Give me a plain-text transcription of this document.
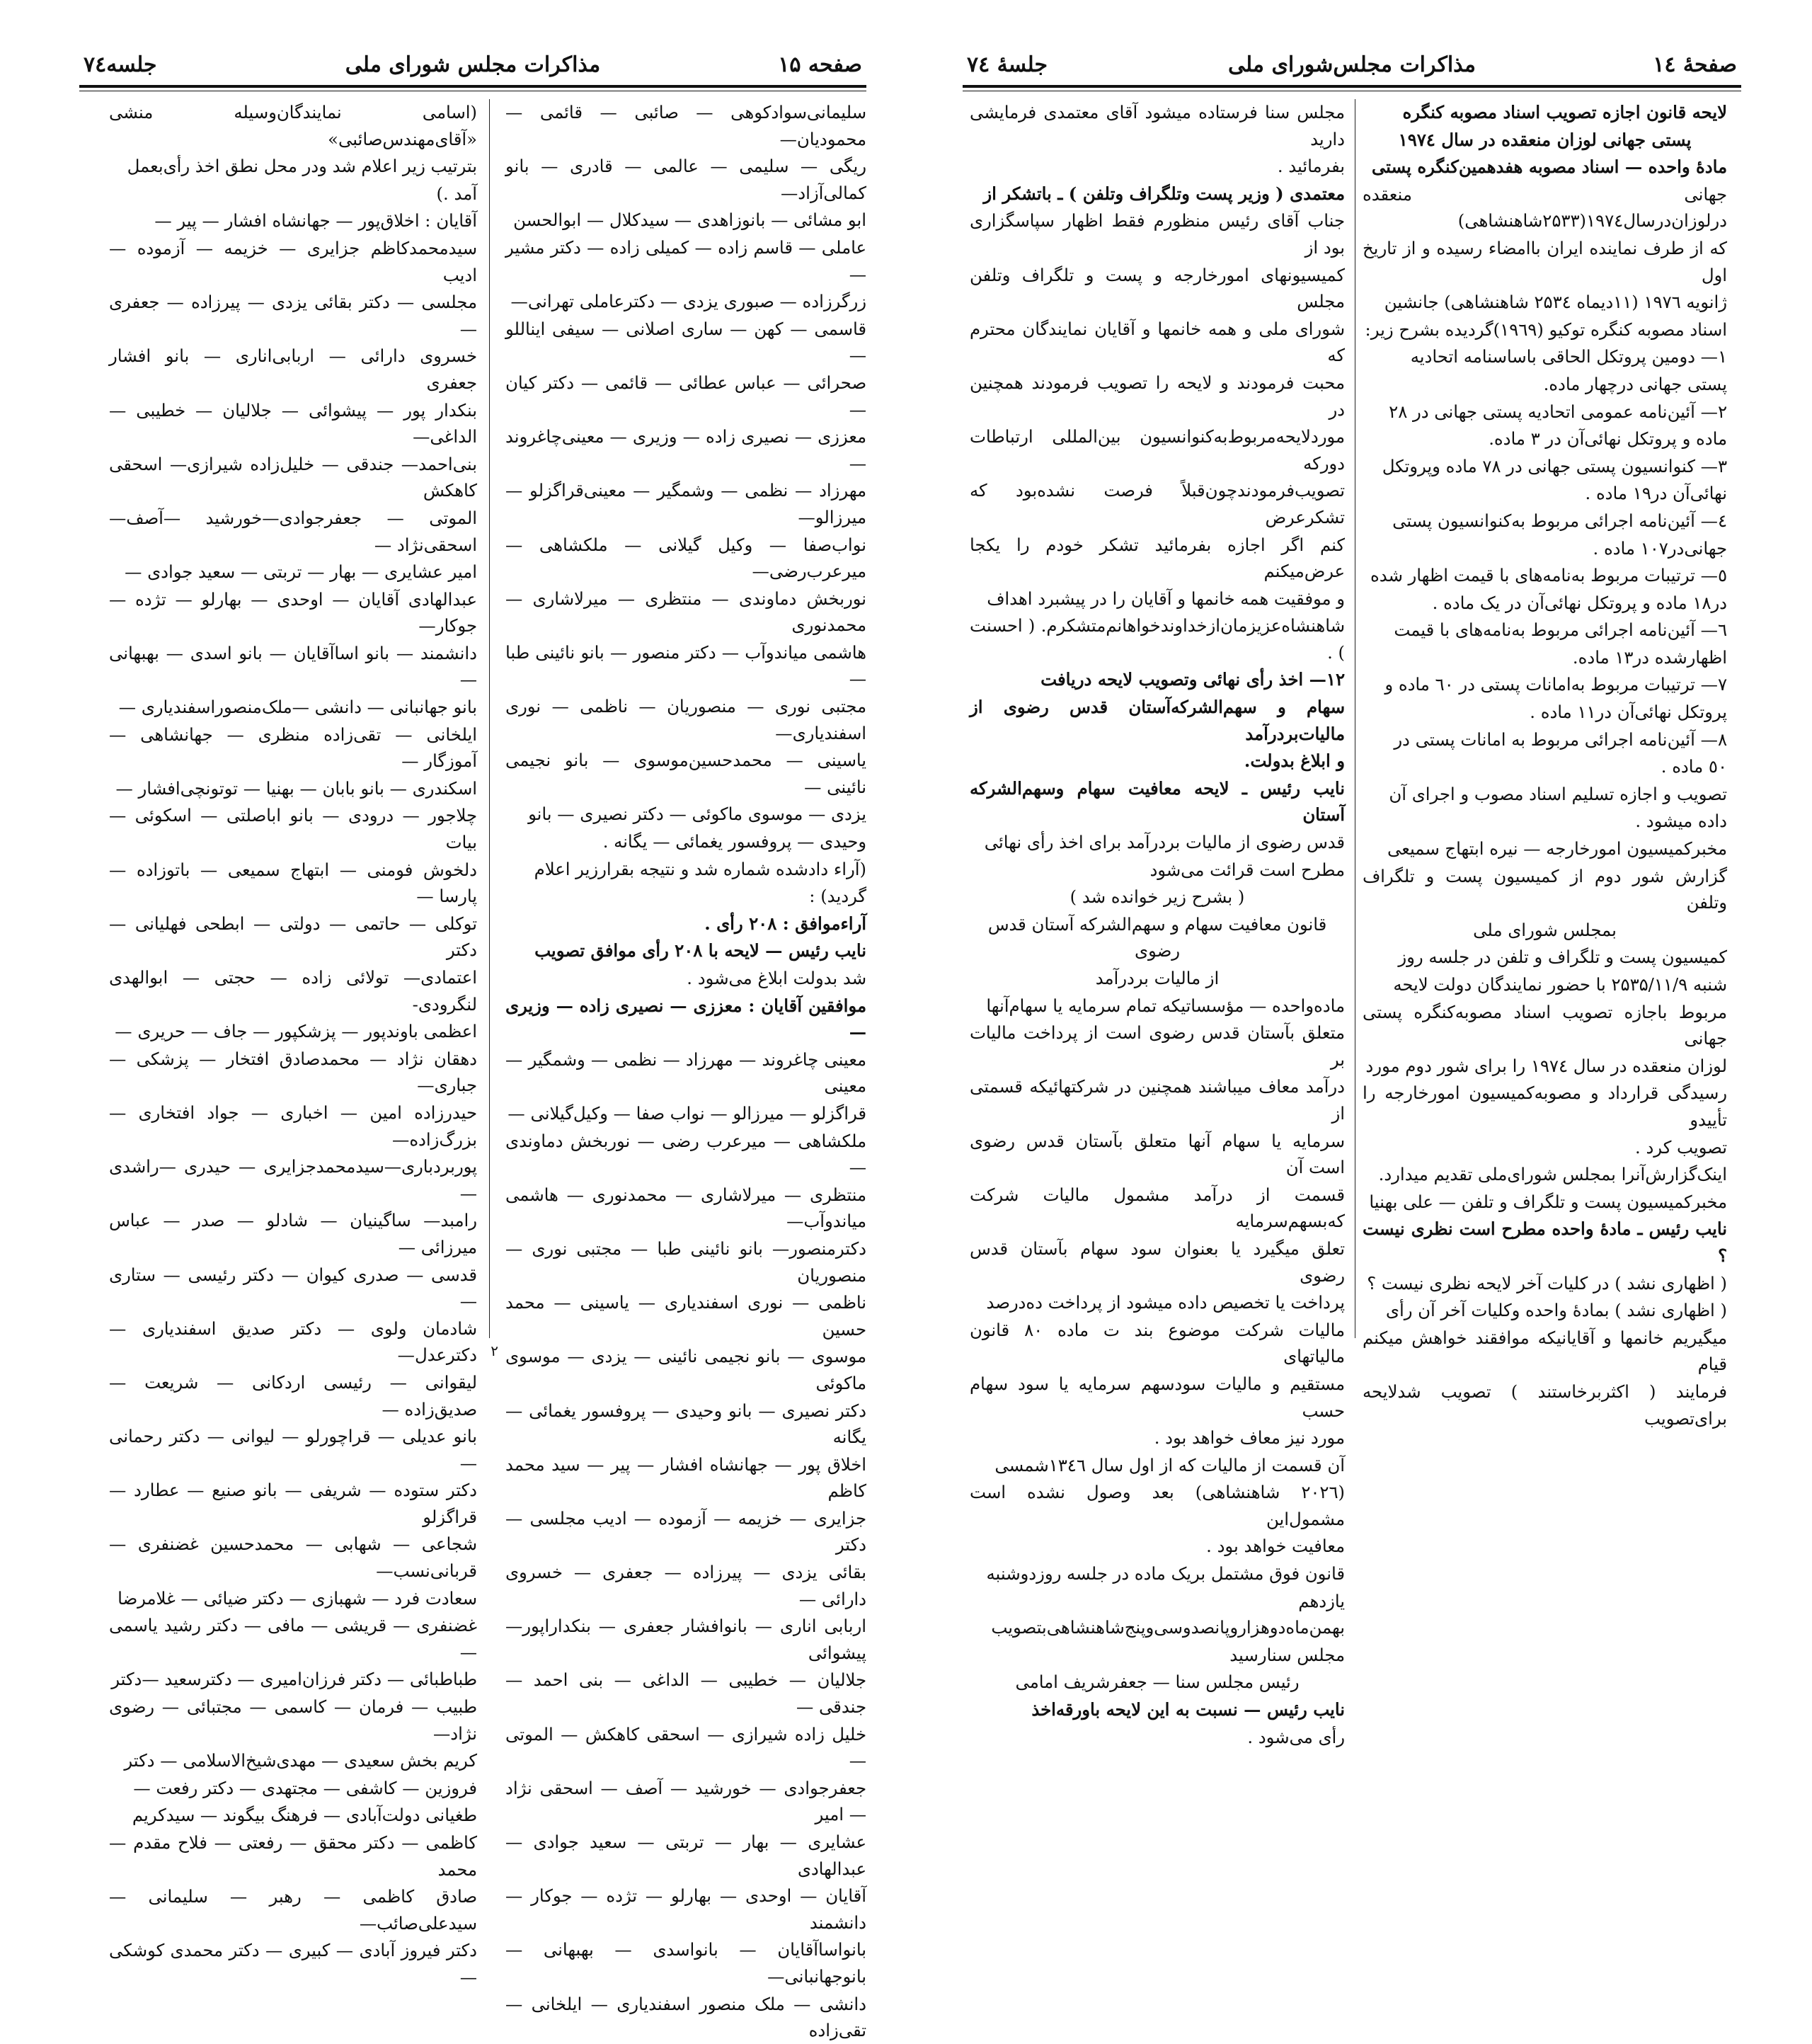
صفحه ۱۵
مذاکرات مجلس شورای ملی
جلسه۷٤

سلیمانی‌سوادکوهی — صائبی — قائمی — محمودیان—

ریگی — سلیمی — عالمی — قادری — بانو کمالی‌آزاد—

ابو مشائی — بانوزاهدی — سید‌کلال — ابوالحسن

عاملی — قاسم زاده — کمیلی زاده — دکتر مشیر —

زرگرزاده — صبوری یزدی — دکترعاملی تهرانی—

قاسمی — کهن — ساری اصلانی — سیفی ایناللو —

صحرائی — عباس عطائی — قائمی — دکتر کیان —

معززی — نصیری زاده — وزیری — معینی‌چاغروند —

مهرزاد — نظمی — وشمگیر — معینی‌قراگزلو —میرزالو—

نواب‌صفا — وکیل گیلانی — ملکشاهی — میرعرب‌رضی—

نوربخش دماوندی — منتظری — میرلاشاری —محمدنوری

هاشمی میاندوآب — دکتر منصور — بانو نائینی طبا —

مجتبی نوری — منصوریان — ناظمی — نوری اسفندیاری—

یاسینی — محمدحسین‌موسوی — بانو نجیمی نائینی —

یزدی — موسوی ماکوئی — دکتر نصیری — بانو

وحیدی — پروفسور یغمائی — یگانه .

(آراء دادشده شماره شد و نتیجه بقرارزیر اعلام

گردید) :

آراءموافق : ۲۰۸ رأی .

نایب رئیس — لایحه با ۲۰۸ رأی موافق تصویب

شد بدولت ابلاغ می‌شود .

موافقین آقایان : معززی — نصیری زاده — وزیری —

معینی چاغروند — مهرزاد — نظمی — وشمگیر —معینی

قراگزلو — میرزالو — نواب صفا — وکیل‌گیلانی —

ملکشاهی — میرعرب رضی — نوربخش دماوندی —

منتظری — میرلاشاری — محمدنوری — هاشمی میاندوآب—

دکترمنصور— بانو نائینی طبا — مجتبی نوری —منصوریان

ناظمی — نوری اسفندیاری — یاسینی — محمد حسین

موسوی — بانو نجیمی نائینی — یزدی — موسوی ماکوئی

دکتر نصیری — بانو وحیدی — پروفسور یغمائی —یگانه

اخلاق پور — جهانشاه افشار — پیر — سید محمد کاظم

جزایری — خزیمه — آزموده — ادیب مجلسی — دکتر

بقائی یزدی — پیرزاده — جعفری — خسروی دارائی —

اربابی اناری — بانوافشار جعفری — بنکداراپور—پیشوائی

جلالیان — خطیبی — الداغی — بنی احمد — جندقی —

خلیل زاده شیرازی — اسحقی کاهکش — الموتی —

جعفرجوادی — خورشید — آصف — اسحقی نژاد — امیر

عشایری — بهار — تربتی — سعید جوادی — عبدالهادی

آقایان — اوحدی — بهارلو — تژده — جوکار — دانشمند

بانواساآقایان — بانواسدی — بهبهانی — بانوجهانبانی—

دانشی — ملک منصور اسفندیاری — ایلخانی — تقی‌زاده

(اسامی نمایندگان‌وسیله منشی «آقای‌مهندس‌صائبی»

بترتیب زیر اعلام شد ودر محل نطق اخذ رأی‌بعمل

آمد .)

آقایان : اخلاق‌پور — جهانشاه افشار — پیر —

سیدمحمدکاظم جزایری — خزیمه — آزموده —ادیب

مجلسی — دکتر بقائی یزدی — پیرزاده — جعفری —

خسروی دارائی — اربابی‌اناری — بانو افشار جعفری

بنکدار پور — پیشوائی — جلالیان — خطیبی —الداغی—

بنی‌احمد— جندقی — خلیل‌زاده شیرازی— اسحقی کاهکش

الموتی — جعفرجوادی—خورشید —آصف— اسحقی‌نژاد —

امیر عشایری — بهار — تربتی — سعید جوادی —

عبدالهادی آقایان — اوحدی — بهارلو — تژده —جوکار—

دانشمند — بانو اسا‌آقایان — بانو اسدی — بهبهانی—

بانو جهانبانی — دانشی —ملک‌منصوراسفندیاری —

ایلخانی — تقی‌زاده منظری — جهانشاهی — آموزگار —

اسکندری — بانو بابان — بهنیا — توتونچی‌افشار —

چلاجور — درودی — بانو اباصلتی — اسکوئی — بیات

دلخوش فومنی — ابتهاج سمیعی — باتوزاده — پارسا —

توکلی — حاتمی — دولتی — ابطحی فهلیانی — دکتر

اعتمادی— تولائی زاده — حجتی — ابوالهدی لنگرودی-

اعظمی باوندپور — پزشکپور — جاف — حریری —

دهقان نژاد — محمدصادق افتخار — پزشکی —جباری—

حیدرزاده امین — اخباری — جواد افتخاری — بزرگ‌زاده—

پوربردباری—سیدمحمدجزایری — حیدری —راشدی—

رامبد— ساگینیان — شادلو — صدر — عباس میرزائی —

قدسی — صدری کیوان — دکتر رئیسی — ستاری—

شادمان ولوی — دکتر صدیق اسفندیاری — دکترعدل—

لیقوانی — رئیسی اردکانی — شریعت — صدیق‌زاده —

بانو عدیلی — قراچورلو — لیوانی — دکتر رحمانی —

دکتر ستوده — شریفی — بانو صنیع — عطارد — قراگزلو

شجاعی — شهابی — محمدحسین غضنفری — قربانی‌نسب—

سعادت فرد — شهبازی — دکتر ضیائی — غلامرضا

غضنفری — قریشی — مافی — دکتر رشید یاسمی —

طباطبائی — دکتر فرزان‌امیری — دکترسعید —دکتر

طبیب — فرمان — کاسمی — مجتبائی — رضوی نژاد—

کریم بخش سعیدی — مهدی‌شیخ‌الاسلامی — دکتر

فروزین — کاشفی — مجتهدی — دکتر رفعت —

طغیانی دولت‌آبادی — فرهنگ بیگوند — سیدکریم

کاظمی — دکتر محقق — رفعتی — فلاح مقدم —محمد

صادق کاظمی — رهبر — سلیمانی — سیدعلی‌صائب—

دکتر فیروز آبادی — کبیری — دکتر محمدی کوشکی—

۲
صفحهٔ ۱٤
مذاکرات مجلس‌شورای ملی
جلسهٔ ۷٤

لایحه قانون اجازه تصویب اسناد مصوبه کنگره

پستی جهانی لوزان منعقده در سال ۱۹۷٤

مادهٔ واحده — اسناد مصوبه هفدهمین‌کنگره پستی

جهانی منعقده درلوزان‌درسال۱۹۷٤(۲۵۳۳شاهنشاهی)

که از طرف نماینده ایران باامضاء رسیده و از تاریخ اول

ژانویه ۱۹۷٦ (۱۱دیماه ۲۵۳٤ شاهنشاهی) جانشین

اسناد مصوبه کنگره توکیو (۱۹٦۹)گردیده بشرح زیر:

۱— دومین پروتکل الحاقی باساسنامه اتحادیه

پستی جهانی درچهار ماده.

۲— آئین‌نامه عمومی اتحادیه پستی جهانی در ۲۸

ماده و پروتکل نهائی‌آن در ۳ ماده.

۳— کنوانسیون پستی جهانی در ۷۸ ماده وپروتکل

نهائی‌آن در۱۹ ماده .

٤— آئین‌نامه اجرائی مربوط به‌کنوانسیون پستی

جهانی‌در۱۰۷ ماده .

٥— ترتیبات مربوط به‌نامه‌های با قیمت اظهار شده

در۱۸ ماده و پروتکل نهائی‌آن در یک ماده .

٦— آئین‌نامه اجرائی مربوط به‌نامه‌های با قیمت

اظهارشده در۱۳ ماده.

۷— ترتیبات مربوط به‌امانات پستی در ٦۰ ماده و

پروتکل نهائی‌آن در۱۱ ماده .

۸— آئین‌نامه اجرائی مربوط به امانات پستی در

٥۰ ماده .

تصویب و اجازه تسلیم اسناد مصوب و اجرای آن

داده میشود .

مخبرکمیسیون امورخارجه — نیره ابتهاج سمیعی

گزارش شور دوم از کمیسیون پست و تلگراف وتلفن

بمجلس شورای ملی

کمیسیون پست و تلگراف و تلفن در جلسه روز

شنبه ۲۵۳۵/۱۱/۹ با حضور نمایندگان دولت لایحه

مربوط باجازه تصویب اسناد مصوبه‌کنگره پستی جهانی

لوزان منعقده در سال ۱۹۷٤ را برای شور دوم مورد

رسیدگی قرارداد و مصوبه‌کمیسیون امورخارجه را تأییدو

تصویب کرد .

اینک‌گزارش‌آنرا بمجلس شورای‌ملی تقدیم میدارد.

مخبرکمیسیون پست و تلگراف و تلفن — علی بهنیا

نایب رئیس ـ مادهٔ واحده مطرح است نظری نیست ؟

( اظهاری نشد ) در کلیات آخر لایحه نظری نیست ؟

( اظهاری نشد ) بمادهٔ واحده وکلیات آخر آن رأی

میگیریم خانمها و آقایانیکه موافقند خواهش میکنم قیام

فرمایند ( اکثربرخاستند ) تصویب شدلایحه برای‌تصویب

مجلس سنا فرستاده میشود آقای معتمدی فرمایشی دارید

بفرمائید .

معتمدی ( وزیر پست وتلگراف وتلفن ) ـ باتشکر از

جناب آقای رئیس منظورم فقط اظهار سپاسگزاری بود از

کمیسیونهای امورخارجه و پست و تلگراف وتلفن مجلس

شورای ملی و همه خانمها و آقایان نمایندگان محترم که

محبت فرمودند و لایحه را تصویب فرمودند همچنین در

موردلایحه‌مربوط‌به‌کنوانسیون بین‌المللی ارتباطات دورکه

تصویب‌فرمودندچون‌قبلاً فرصت نشده‌بود که تشکرعرض

کنم اگر اجازه بفرمائید تشکر خودم را یکجا عرض‌میکنم

و موفقیت همه خانمها و آقایان را در پیشبرد اهداف

شاهنشاه‌عزیزمان‌ازخداوندخواهانم‌متشکرم. ( احسنت ) .

۱۲— اخذ رأی نهائی وتصویب لایحه دریافت

سهام و سهم‌الشرکه‌آستان قدس رضوی از مالیات‌بردرآمد

و ابلاغ بدولت.

نایب رئیس ـ لایحه معافیت سهام وسهم‌الشرکه آستان

قدس رضوی از مالیات بردرآمد برای اخذ رأی نهائی

مطرح است قرائت می‌شود

( بشرح زیر خوانده شد )

قانون معافیت سهام و سهم‌الشرکه آستان قدس رضوی

از مالیات بردرآمد

ماده‌واحده — مؤسساتیکه تمام سرمایه یا سهام‌آنها

متعلق بآستان قدس رضوی است از پرداخت مالیات بر

درآمد معاف میباشند همچنین در شرکتهائیکه قسمتی از

سرمایه یا سهام آنها متعلق بآستان قدس رضوی است آن

قسمت از درآمد مشمول مالیات شرکت که‌بسهم‌سرمایه

تعلق میگیرد یا بعنوان سود سهام بآستان قدس رضوی

پرداخت یا تخصیص داده میشود از پرداخت ده‌درصد

مالیات شرکت موضوع بند ت ماده‌ ۸۰ قانون مالیاتهای

مستقیم و مالیات سودسهم سرمایه یا سود سهام حسب

مورد نیز معاف خواهد بود .

آن قسمت از مالیات که از اول سال ۱۳٤٦شمسی

(۲۰۲٦ شاهنشاهی) بعد وصول نشده است مشمول‌این

معافیت خواهد بود .

قانون فوق مشتمل بریک ماده در جلسه روزدوشنبه

یازدهم بهمن‌ماه‌دو‌هزاروپانصدوسی‌وپنج‌شاهنشاهی‌بتصویب

مجلس سنارسید

رئیس مجلس سنا — جعفرشریف امامی

نایب رئیس — نسبت به این لایحه باورقه‌اخذ

رأی می‌شود .
